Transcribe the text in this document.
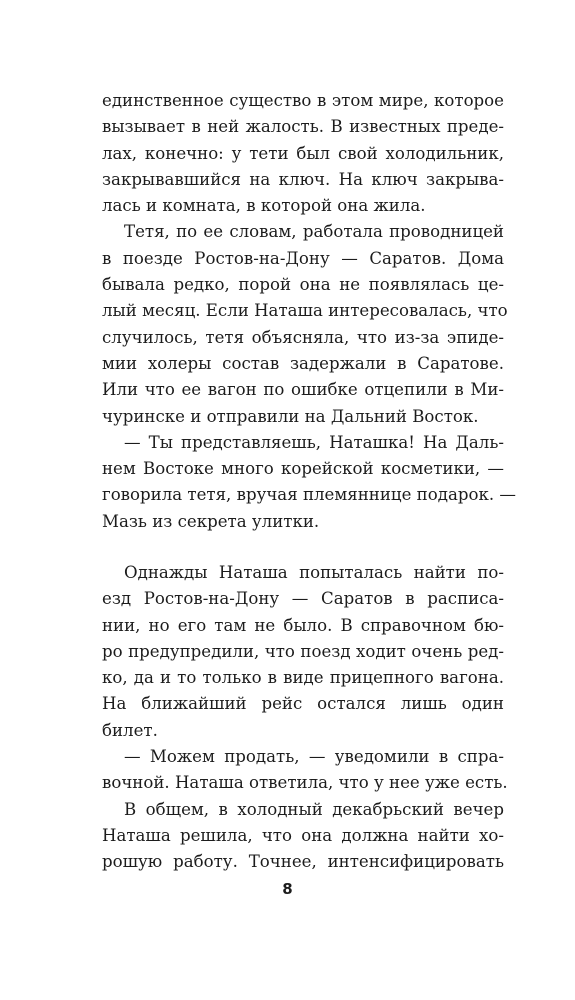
единственное существо в этом мире, которое
вызывает в ней жалость. В известных преде-
лах, конечно: у тети был свой холодильник,
закрывавшийся на ключ. На ключ закрыва-
лась и комната, в которой она жила.
Тетя, по ее словам, работала проводницей
в поезде Ростов-на-Дону — Саратов. Дома
бывала редко, порой она не появлялась це-
лый месяц. Если Наташа интересовалась, что
случилось, тетя объясняла, что из-за эпиде-
мии холеры состав задержали в Саратове.
Или что ее вагон по ошибке отцепили в Ми-
чуринске и отправили на Дальний Восток.
— Ты представляешь, Наташка! На Даль-
нем Востоке много корейской косметики, —
говорила тетя, вручая племяннице подарок. —
Мазь из секрета улитки.
Однажды Наташа попыталась найти по-
езд Ростов-на-Дону — Саратов в расписа-
нии, но его там не было. В справочном бю-
ро предупредили, что поезд ходит очень ред-
ко, да и то только в виде прицепного вагона.
На ближайший рейс остался лишь один
билет.
— Можем продать, — уведомили в спра-
вочной. Наташа ответила, что у нее уже есть.
В общем, в холодный декабрьский вечер
Наташа решила, что она должна найти хо-
рошую работу. Точнее, интенсифицировать
8
